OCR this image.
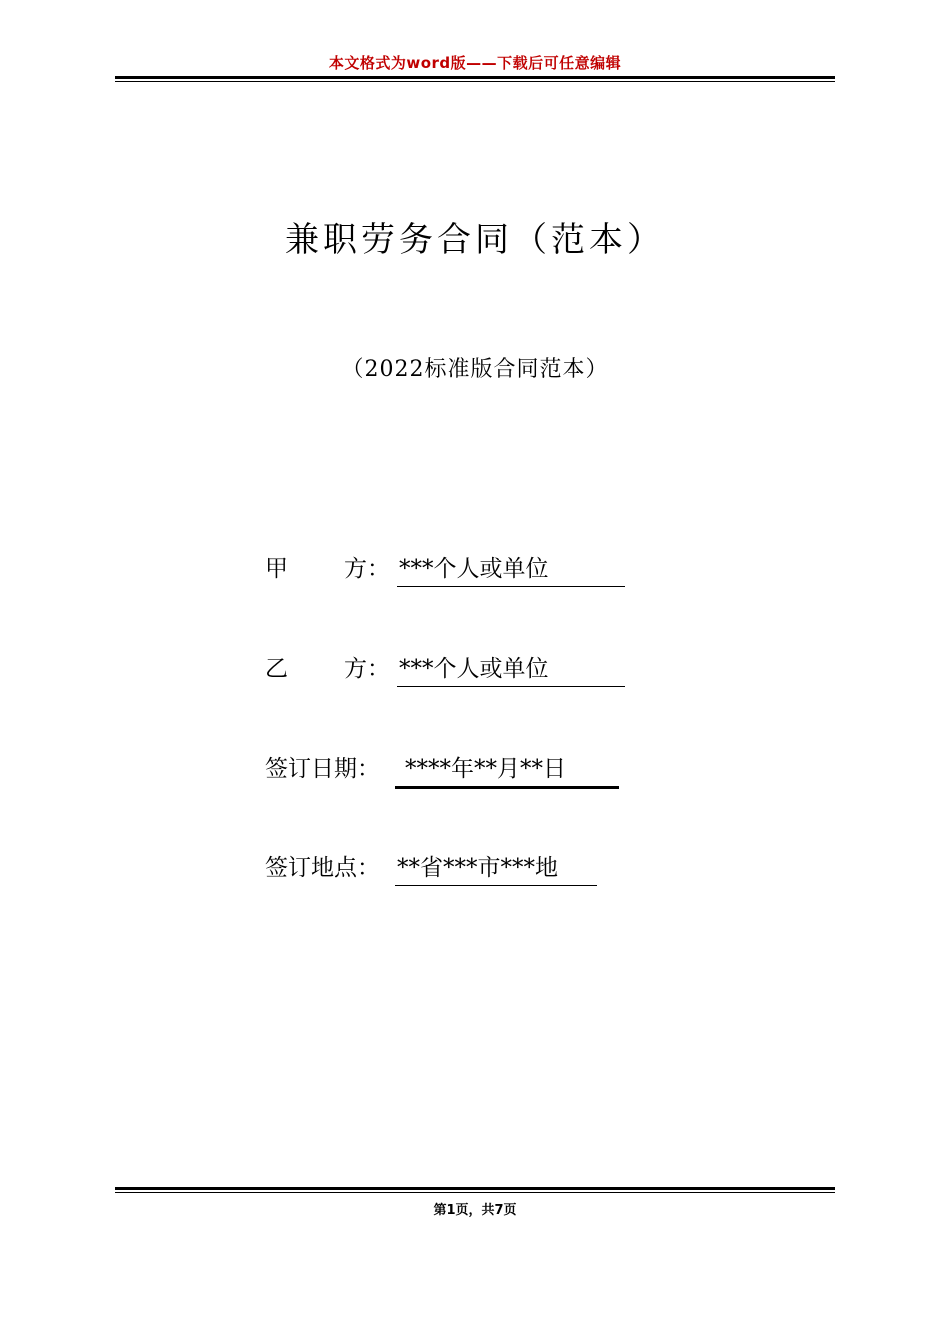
本文格式为word版——下载后可任意编辑
兼职劳务合同（范本）
（2022标准版合同范本）
甲 方： ***个人或单位
乙 方： ***个人或单位
签订日期：	****年**月**日
签订地点： **省***市***地
第1页，共7页
